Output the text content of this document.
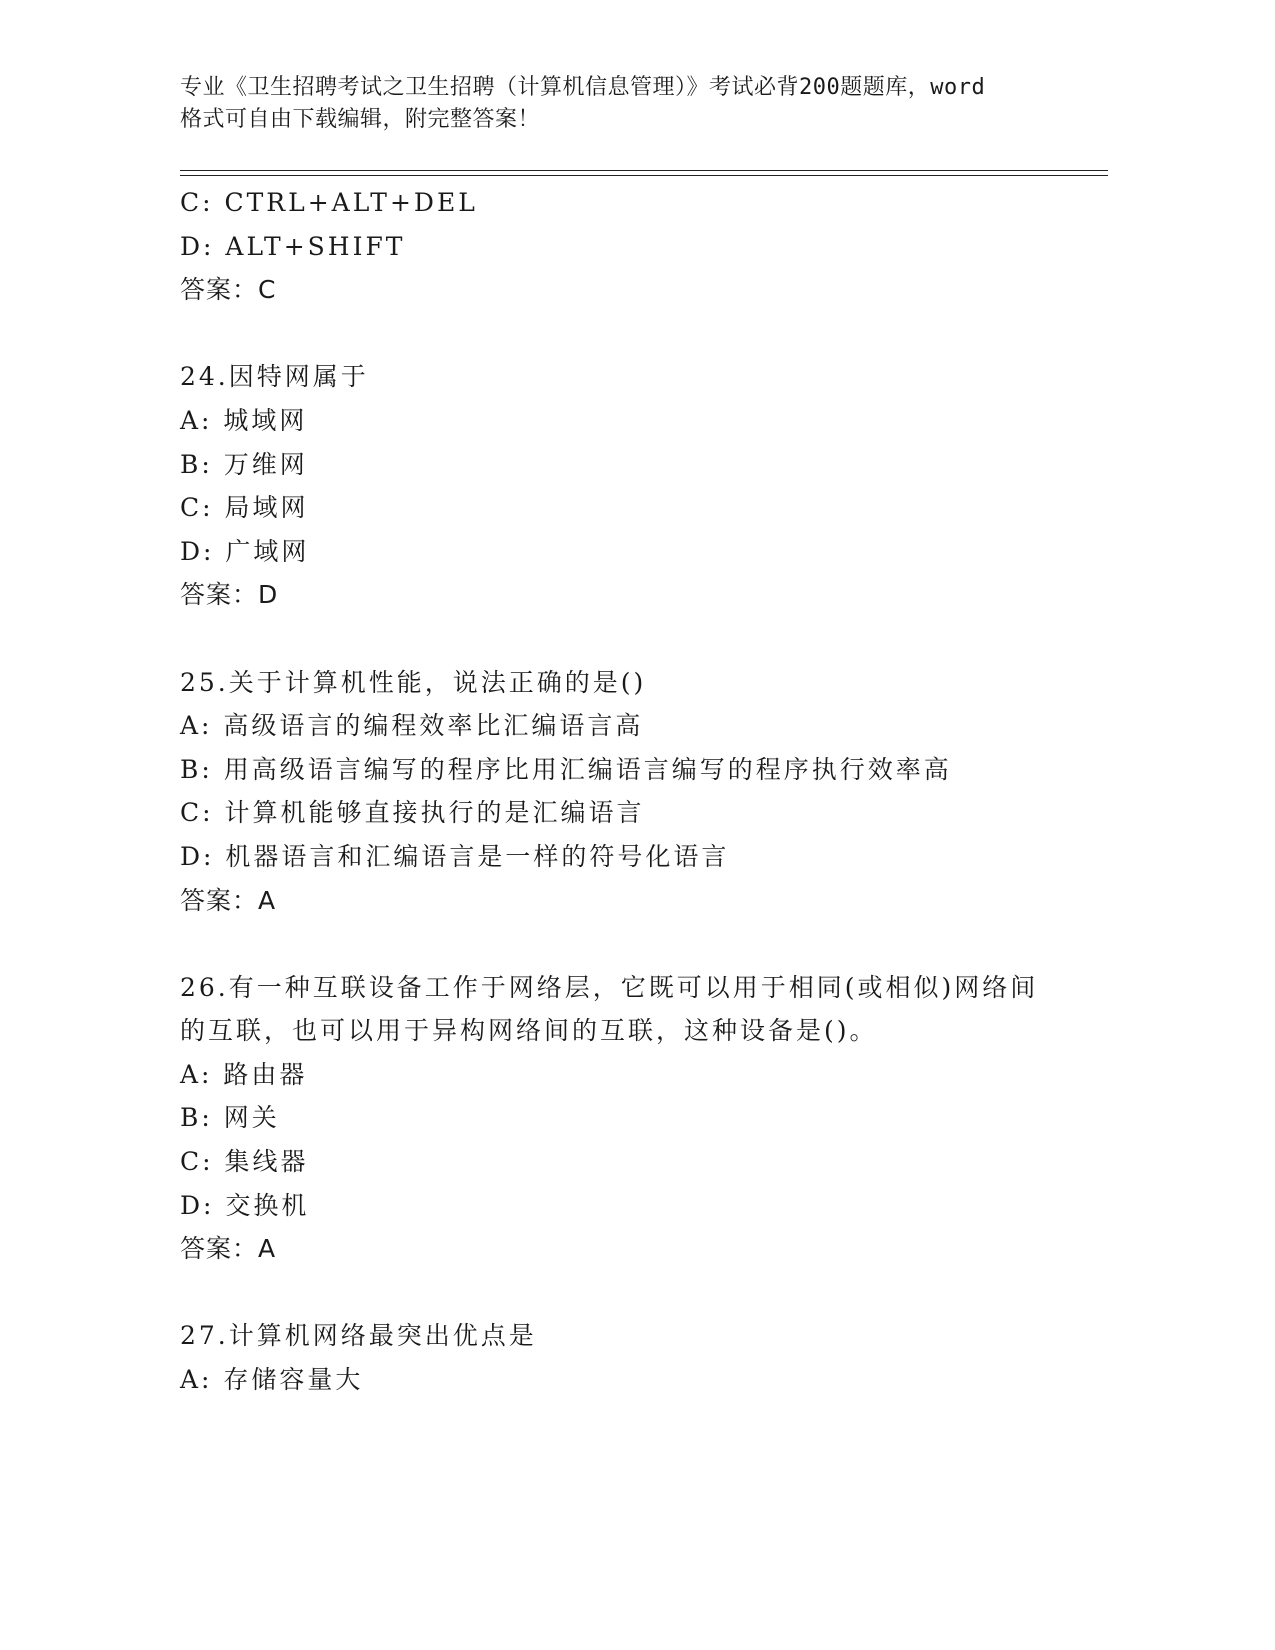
专业《卫生招聘考试之卫生招聘（计算机信息管理）》考试必背200题题库，word

格式可自由下载编辑，附完整答案！

C: CTRL+ALT+DEL
D: ALT+SHIFT
答案：C
24.因特网属于
A: 城域网
B: 万维网
C: 局域网
D: 广域网
答案：D
25.关于计算机性能，说法正确的是()
A: 高级语言的编程效率比汇编语言高
B: 用高级语言编写的程序比用汇编语言编写的程序执行效率高
C: 计算机能够直接执行的是汇编语言
D: 机器语言和汇编语言是一样的符号化语言
答案：A
26.有一种互联设备工作于网络层，它既可以用于相同(或相似)网络间
的互联，也可以用于异构网络间的互联，这种设备是()。
A: 路由器
B: 网关
C: 集线器
D: 交换机
答案：A
27.计算机网络最突出优点是
A: 存储容量大
